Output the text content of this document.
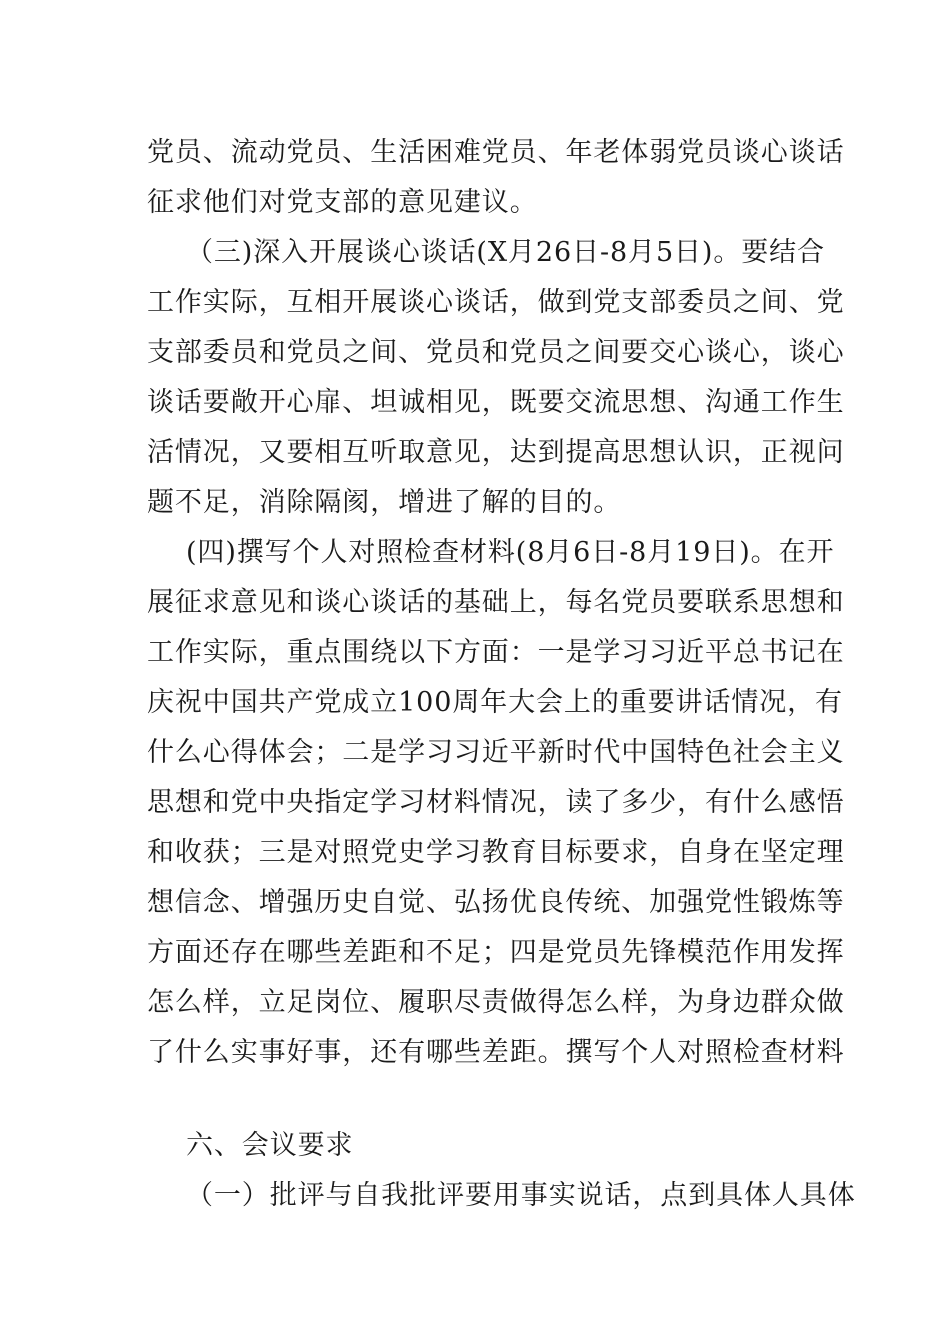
党员、流动党员、生活困难党员、年老体弱党员谈心谈话
征求他们对党支部的意见建议。
（三)深入开展谈心谈话(X月26日-8月5日)。要结合
工作实际，互相开展谈心谈话，做到党支部委员之间、党
支部委员和党员之间、党员和党员之间要交心谈心，谈心
谈话要敞开心扉、坦诚相见，既要交流思想、沟通工作生
活情况，又要相互听取意见，达到提高思想认识，正视问
题不足，消除隔阂，增进了解的目的。
(四)撰写个人对照检查材料(8月6日-8月19日)。在开
展征求意见和谈心谈话的基础上，每名党员要联系思想和
工作实际，重点围绕以下方面：一是学习习近平总书记在
庆祝中国共产党成立100周年大会上的重要讲话情况，有
什么心得体会；二是学习习近平新时代中国特色社会主义
思想和党中央指定学习材料情况，读了多少，有什么感悟
和收获；三是对照党史学习教育目标要求，自身在坚定理
想信念、增强历史自觉、弘扬优良传统、加强党性锻炼等
方面还存在哪些差距和不足；四是党员先锋模范作用发挥
怎么样，立足岗位、履职尽责做得怎么样，为身边群众做
了什么实事好事，还有哪些差距。撰写个人对照检查材料
六、会议要求
（一）批评与自我批评要用事实说话，点到具体人具体
